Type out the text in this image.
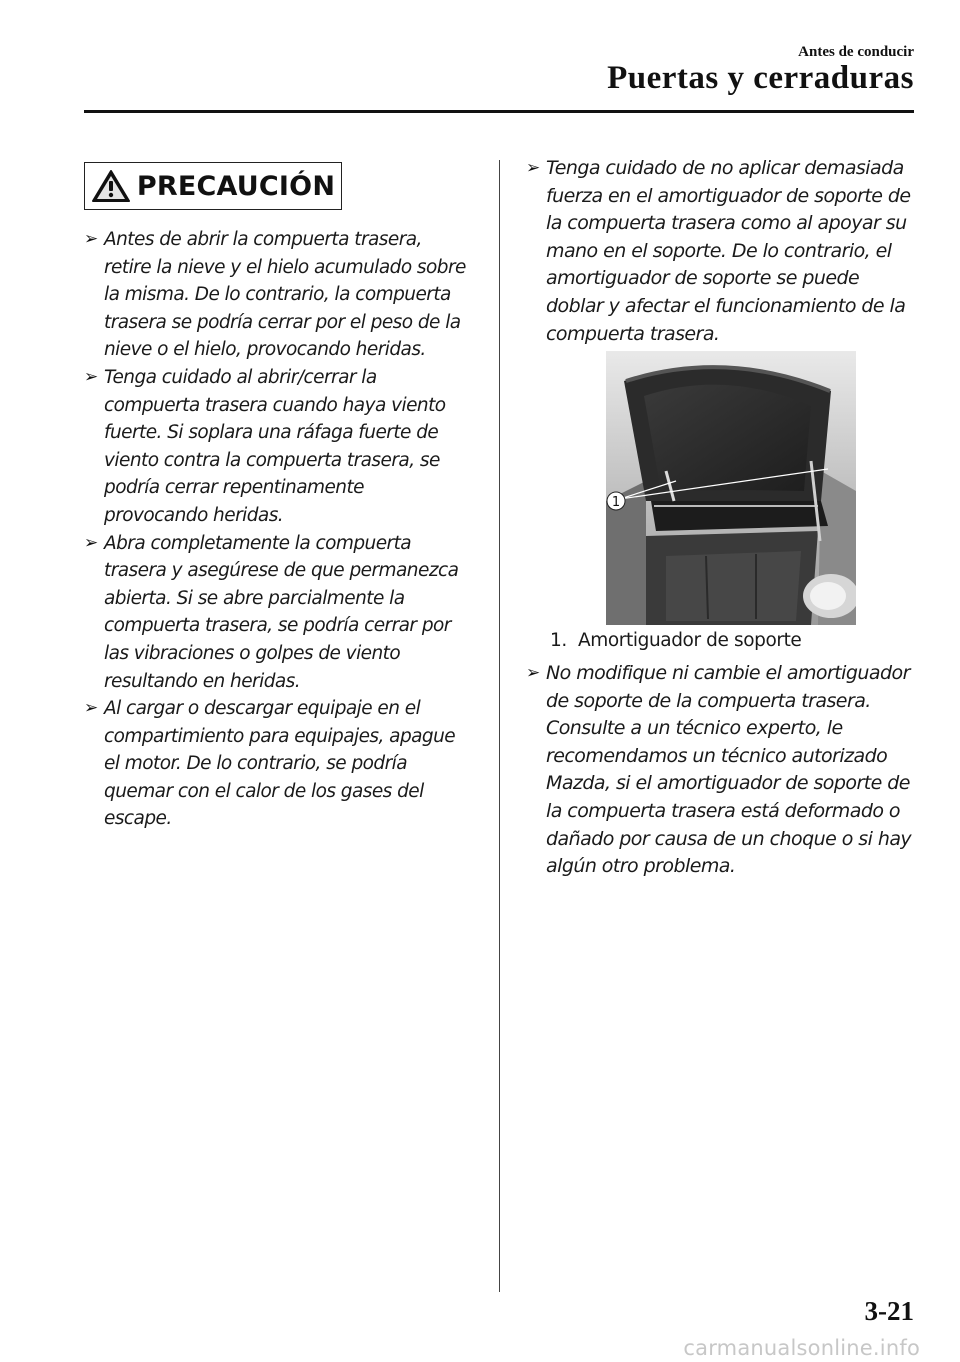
Antes de conducir
Puertas y cerraduras
PRECAUCIÓN
➢ Antes de abrir la compuerta trasera, retire la nieve y el hielo acumulado sobre la misma. De lo contrario, la compuerta trasera se podría cerrar por el peso de la nieve o el hielo, provocando heridas.
➢ Tenga cuidado al abrir/cerrar la compuerta trasera cuando haya viento fuerte. Si soplara una ráfaga fuerte de viento contra la compuerta trasera, se podría cerrar repentinamente provocando heridas.
➢ Abra completamente la compuerta trasera y asegúrese de que permanezca abierta. Si se abre parcialmente la compuerta trasera, se podría cerrar por las vibraciones o golpes de viento resultando en heridas.
➢ Al cargar o descargar equipaje en el compartimiento para equipajes, apague el motor. De lo contrario, se podría quemar con el calor de los gases del escape.
➢ Tenga cuidado de no aplicar demasiada fuerza en el amortiguador de soporte de la compuerta trasera como al apoyar su mano en el soporte. De lo contrario, el amortiguador de soporte se puede doblar y afectar el funcionamiento de la compuerta trasera.
1
1. Amortiguador de soporte
➢ No modifique ni cambie el amortiguador de soporte de la compuerta trasera. Consulte a un técnico experto, le recomendamos un técnico autorizado Mazda, si el amortiguador de soporte de la compuerta trasera está deformado o dañado por causa de un choque o si hay algún otro problema.
3-21
carmanualsonline.info
